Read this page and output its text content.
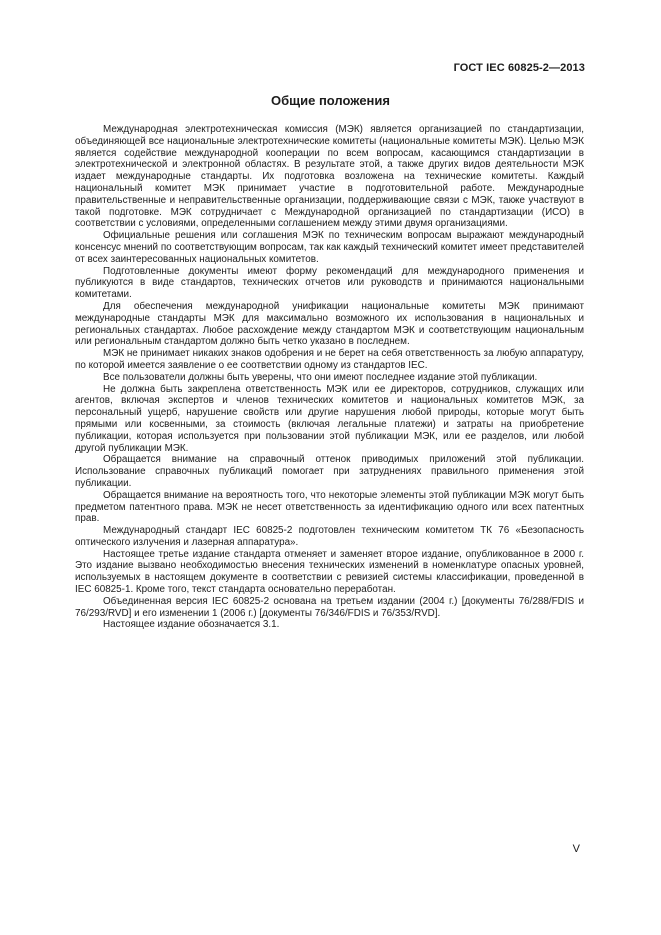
ГОСТ IEC 60825-2—2013
Общие положения

Международная электротехническая комиссия (МЭК) является организацией по стандартизации, объединяющей все национальные электротехнические комитеты (национальные комитеты МЭК). Целью МЭК является содействие международной кооперации по всем вопросам, касающимся стандартизации в электротехнической и электронной областях. В результате этой, а также других видов деятельности МЭК издает международные стандарты. Их подготовка возложена на технические комитеты. Каждый национальный комитет МЭК принимает участие в подготовительной работе. Международные правительственные и неправительственные организации, поддерживающие связи с МЭК, также участвуют в такой подготовке. МЭК сотрудничает с Международной организацией по стандартизации (ИСО) в соответствии с условиями, определенными соглашением между этими двумя организациями.

Официальные решения или соглашения МЭК по техническим вопросам выражают международный консенсус мнений по соответствующим вопросам, так как каждый технический комитет имеет представителей от всех заинтересованных национальных комитетов.

Подготовленные документы имеют форму рекомендаций для международного применения и публикуются в виде стандартов, технических отчетов или руководств и принимаются национальными комитетами.

Для обеспечения международной унификации национальные комитеты МЭК принимают международные стандарты МЭК для максимально возможного их использования в национальных и региональных стандартах. Любое расхождение между стандартом МЭК и соответствующим национальным или региональным стандартом должно быть четко указано в последнем.

МЭК не принимает никаких знаков одобрения и не берет на себя ответственность за любую аппаратуру, по которой имеется заявление о ее соответствии одному из стандартов IEC.

Все пользователи должны быть уверены, что они имеют последнее издание этой публикации.

Не должна быть закреплена ответственность МЭК или ее директоров, сотрудников, служащих или агентов, включая экспертов и членов технических комитетов и национальных комитетов МЭК, за персональный ущерб, нарушение свойств или другие нарушения любой природы, которые могут быть прямыми или косвенными, за стоимость (включая легальные платежи) и затраты на приобретение публикации, которая используется при пользовании этой публикации МЭК, или ее разделов, или любой другой публикации МЭК.

Обращается внимание на справочный оттенок приводимых приложений этой публикации. Использование справочных публикаций помогает при затруднениях правильного применения этой публикации.

Обращается внимание на вероятность того, что некоторые элементы этой публикации МЭК могут быть предметом патентного права. МЭК не несет ответственность за идентификацию одного или всех патентных прав.

Международный стандарт IEC 60825-2 подготовлен техническим комитетом ТК 76 «Безопасность оптического излучения и лазерная аппаратура».

Настоящее третье издание стандарта отменяет и заменяет второе издание, опубликованное в 2000 г. Это издание вызвано необходимостью внесения технических изменений в номенклатуре опасных уровней, используемых в настоящем документе в соответствии с ревизией системы классификации, проведенной в IEC 60825-1. Кроме того, текст стандарта основательно переработан.

Объединенная версия IEC 60825-2 основана на третьем издании (2004 г.) [документы 76/288/FDIS и 76/293/RVD] и его изменении 1 (2006 г.) [документы 76/346/FDIS и 76/353/RVD].

Настоящее издание обозначается 3.1.

V
